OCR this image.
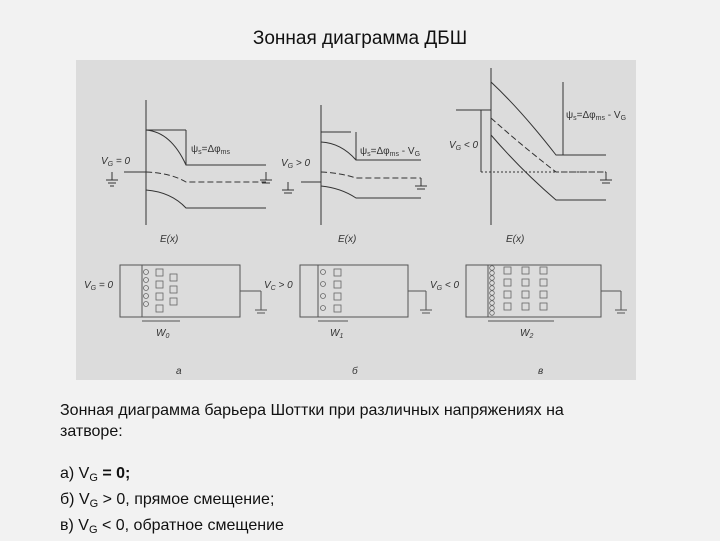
Зонная диаграмма ДБШ
$\psi_s=\Delta\varphi_{ms}$
$V_G = 0$
E(x)
$\psi_s=\Delta\varphi_{ms} - V_G$
$V_G > 0$
E(x)
$\psi_s=\Delta\varphi_{ms} - V_G$
$V_G < 0$
E(x)
$V_G = 0$
$W_0$
а
$V_C > 0$
$W_1$
б
$V_G < 0$
$W_2$
в
Зонная диаграмма барьера Шоттки при различных напряжениях на
затворе:
а) $V_G = 0$;
б) $V_G > 0$, прямое смещение;
в) $V_G < 0$, обратное смещение
